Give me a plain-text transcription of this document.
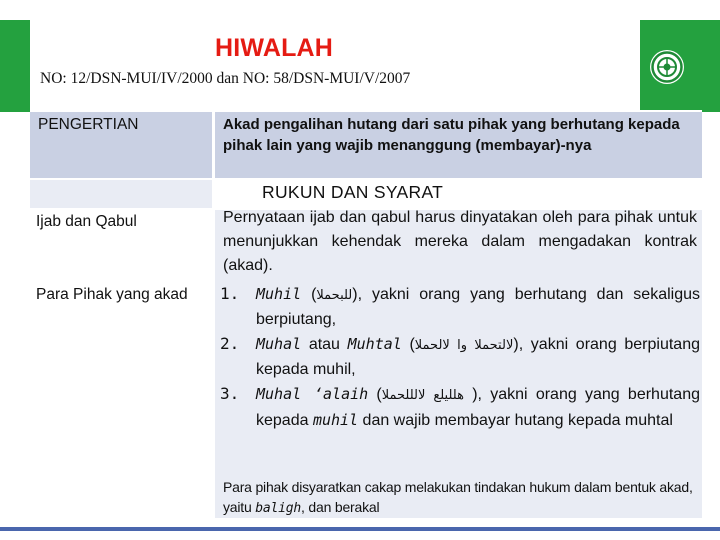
HIWALAH
NO: 12/DSN-MUI/IV/2000 dan NO: 58/DSN-MUI/V/2007
PENGERTIAN	Akad pengalihan hutang dari satu pihak yang berhutang kepada pihak lain yang wajib menanggung (membayar)-nya
RUKUN DAN SYARAT
Ijab dan Qabul
Para Pihak yang akad
Pernyataan ijab dan qabul harus dinyatakan oleh para pihak untuk menunjukkan kehendak mereka dalam mengadakan kontrak (akad).
1. Muhil (للبحملا), yakni orang yang berhutang dan sekaligus berpiutang,
2. Muhal atau Muhtal (لالتحملا وا لالحملا), yakni orang berpiutang kepada muhil,
3. Muhal ‘alaih (هللیلع لالللحملا ), yakni orang yang berhutang kepada muhil dan wajib membayar hutang kepada muhtal
Para pihak disyaratkan cakap melakukan tindakan hukum dalam bentuk akad, yaitu baligh, dan berakal
